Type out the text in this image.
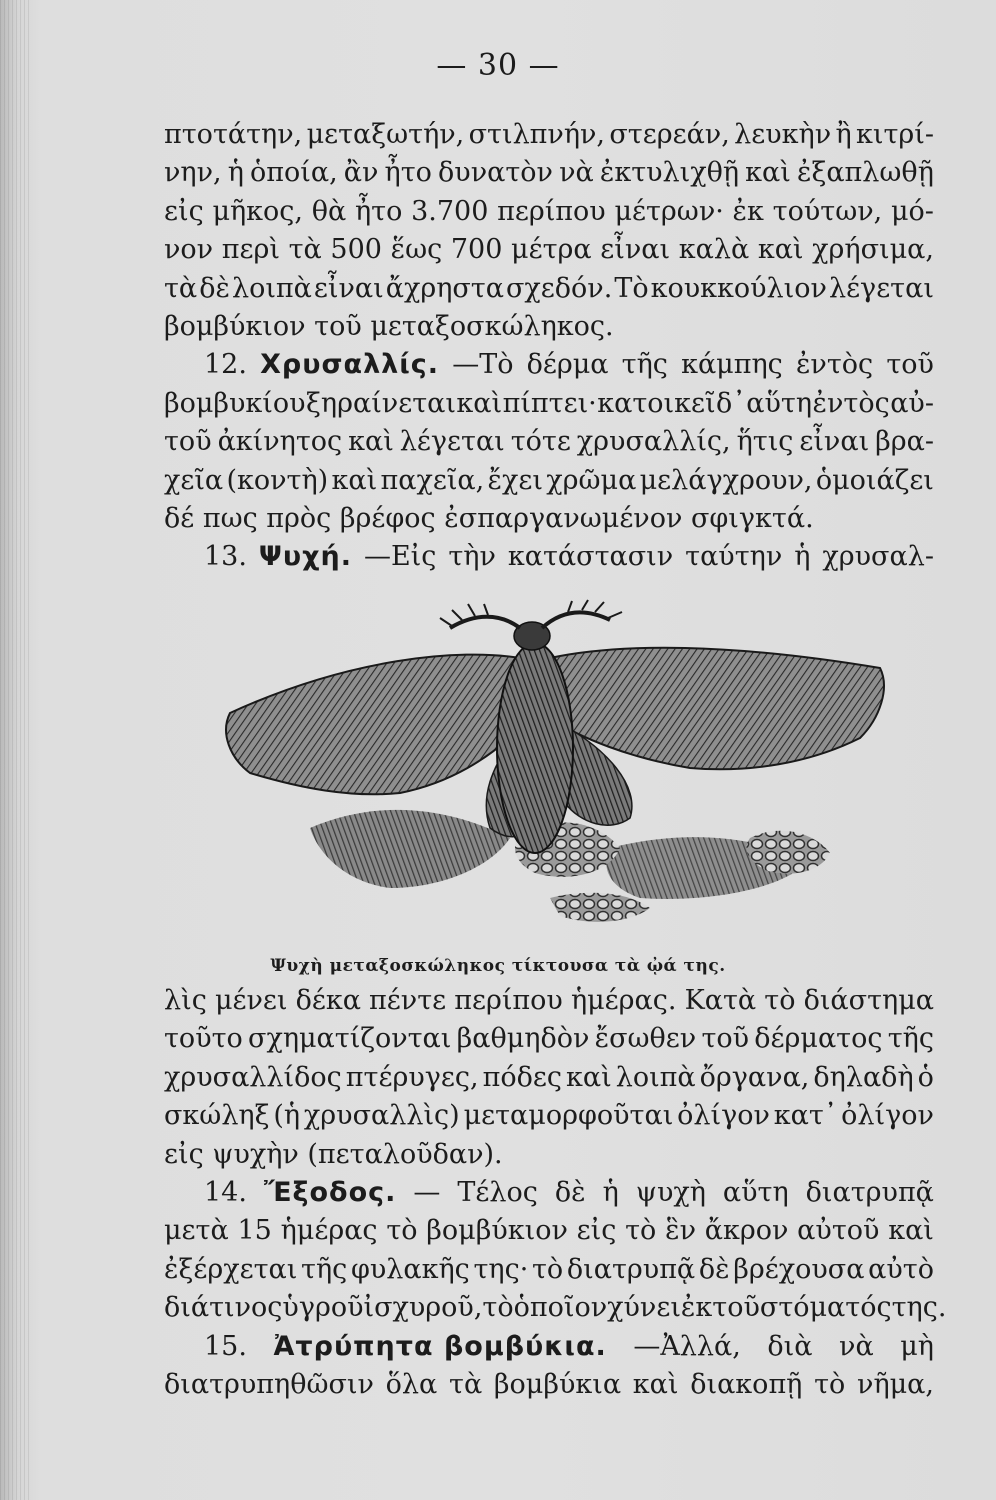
— 30 —
πτοτάτην, μεταξωτήν, στιλπνήν, στερεάν, λευκὴν ἢ κιτρί-
νην, ἡ ὁποία, ἂν ἦτο δυνατὸν νὰ ἐκτυλιχθῇ καὶ ἐξαπλωθῇ
εἰς μῆκος, θὰ ἦτο 3.700 περίπου μέτρων· ἐκ τούτων, μό-
νον περὶ τὰ 500 ἕως 700 μέτρα εἶναι καλὰ καὶ χρήσιμα,
τὰ δὲ λοιπὰ εἶναι ἄχρηστα σχεδόν. Τὸ κουκκούλιον λέγεται
βομβύκιον τοῦ μεταξοσκώληκος.
12. Χρυσαλλίς. —Τὸ δέρμα τῆς κάμπης ἐντὸς τοῦ
βομβυκίου ξηραίνεται καὶ πίπτει· κατοικεῖ δ᾽ αὕτη ἐντὸς αὐ-
τοῦ ἀκίνητος καὶ λέγεται τότε χρυσαλλίς, ἥτις εἶναι βρα-
χεῖα (κοντὴ) καὶ παχεῖα, ἔχει χρῶμα μελάγχρουν, ὁμοιάζει
δέ πως πρὸς βρέφος ἐσπαργανωμένον σφιγκτά.
13. Ψυχή. —Εἰς τὴν κατάστασιν ταύτην ἡ χρυσαλ-
Ψυχὴ μεταξοσκώληκος τίκτουσα τὰ ᾠά της.
λὶς μένει δέκα πέντε περίπου ἡμέρας. Κατὰ τὸ διάστημα
τοῦτο σχηματίζονται βαθμηδὸν ἔσωθεν τοῦ δέρματος τῆς
χρυσαλλίδος πτέρυγες, πόδες καὶ λοιπὰ ὄργανα, δηλαδὴ ὁ
σκώληξ (ἡ χρυσαλλὶς) μεταμορφοῦται ὀλίγον κατ᾽ ὀλίγον
εἰς ψυχὴν (πεταλοῦδαν).
14. Ἔξοδος. — Τέλος δὲ ἡ ψυχὴ αὕτη διατρυπᾷ
μετὰ 15 ἡμέρας τὸ βομβύκιον εἰς τὸ ἓν ἄκρον αὐτοῦ καὶ
ἐξέρχεται τῆς φυλακῆς της· τὸ διατρυπᾷ δὲ βρέχουσα αὐτὸ
διά τινος ὑγροῦ ἰσχυροῦ, τὸ ὁποῖον χύνει ἐκ τοῦ στόματός της.
15. Ἀτρύπητα βομβύκια. —Ἀλλά, διὰ νὰ μὴ
διατρυπηθῶσιν ὅλα τὰ βομβύκια καὶ διακοπῇ τὸ νῆμα,
